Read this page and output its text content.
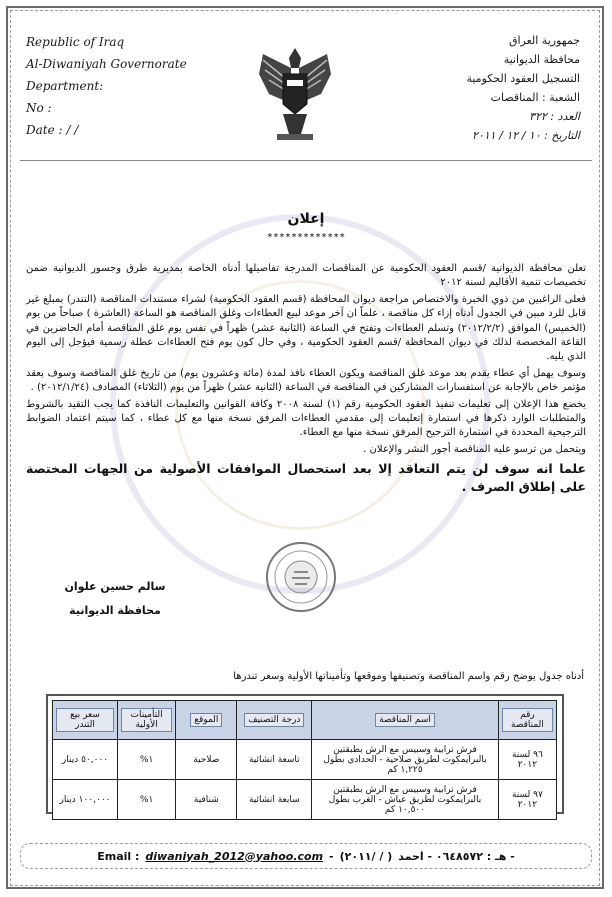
Republic of Iraq
Al-Diwaniyah Governorate
Department:
No :
Date : / /
جمهورية العراق
محافظة الديوانية
التسجيل العقود الحكومية
الشعبة : المناقصات
العدد : ٣٢٢
التاريخ : ١٠ / ١٢ / ٢٠١١
إعلان
*************

تعلن محافظة الديوانية /قسم العقود الحكومية عن المناقصات المدرجة تفاصيلها أدناه الخاصة بمديرية طرق وجسور الديوانية ضمن تخصيصات تنمية الأقاليم لسنة ٢٠١٢

فعلى الراغبين من ذوي الخبرة والاختصاص مراجعة ديوان المحافظة (قسم العقود الحكومية) لشراء مستندات المناقصة (التندر) بمبلغ غير قابل للرد مبين في الجدول أدناه إزاء كل مناقصة ، علماً ان آخر موعد لبيع العطاءات وغلق المناقصة هو الساعة (العاشرة ) صباحاً من يوم (الخميس) الموافق (٢٠١٢/٢/٢) وتسلم العطاءات وتفتح في الساعة (الثانية عشر) ظهراً في نفس يوم غلق المناقصة أمام الحاضرين في القاعة المخصصة لذلك في ديوان المحافظة /قسم العقود الحكومية ، وفي حال كون يوم فتح العطاءات عطلة رسمية فيؤجل إلى اليوم الذي يليه.

وسوف يهمل أي عطاء يقدم بعد موعد غلق المناقصة ويكون العطاء نافذ لمدة (مائة وعشرون يوم) من تاريخ غلق المناقصة وسوف يعقد مؤتمر خاص بالإجابة عن استفسارات المشاركين في المناقصة في الساعة (الثانية عشر) ظهراً من يوم (الثلاثاء) المصادف (٢٠١٢/١/٢٤) .

يخضع هذا الإعلان إلى تعليمات تنفيذ العقود الحكومية رقم (١) لسنة ٢٠٠٨ وكافة القوانين والتعليمات النافذة كما يجب التقيد بالشروط والمتطلبات الوارد ذكرها في استمارة إتعليمات إلى مقدمي العطاءات المرفق نسخة منها مع كل عطاء ، كما سيتم اعتماد الضوابط الترجيحية المحددة في استمارة الترجيح المرفق نسخة منها مع العطاء.

ويتحمل من ترسو عليه المناقصة أجور النشر والإعلان .

علما انه سوف لن يتم التعاقد إلا بعد استحصال الموافقات الأصولية من الجهات المختصة على إطلاق الصرف .

سالم حسين علوان
محافظة الديوانية
أدناه جدول يوضح رقم واسم المناقصة وتصنيفها وموقعها وتأميناتها الأولية وسعر تندرها
رقم المناقصة	اسم المناقصة	درجة التصنيف	الموقع	التأمينات الأولية	سعر بيع التندر
٩٦ لسنة ٢٠١٢	فرش ترابية وسبيس مع الرش بطبقتين بالبرايمكوت لطريق صلاحية - الحدادي بطول ١,٢٢٥ كم	تاسعة انشائية	صلاحية	١%	٥٠,٠٠٠ دينار
٩٧ لسنة ٢٠١٢	فرش ترابية وسبيس مع الرش بطبقتين بالبرايمكوت لطريق عياش - الغرب بطول ١٠,٥٠٠ كم	سابعة انشائية	شنافية	١%	١٠٠,٠٠٠ دينار
Email : diwaniyah_2012@yahoo.com - (٢٠١١/ / ) هـ : ٠٦٤٨٥٧٢ - احمد -
